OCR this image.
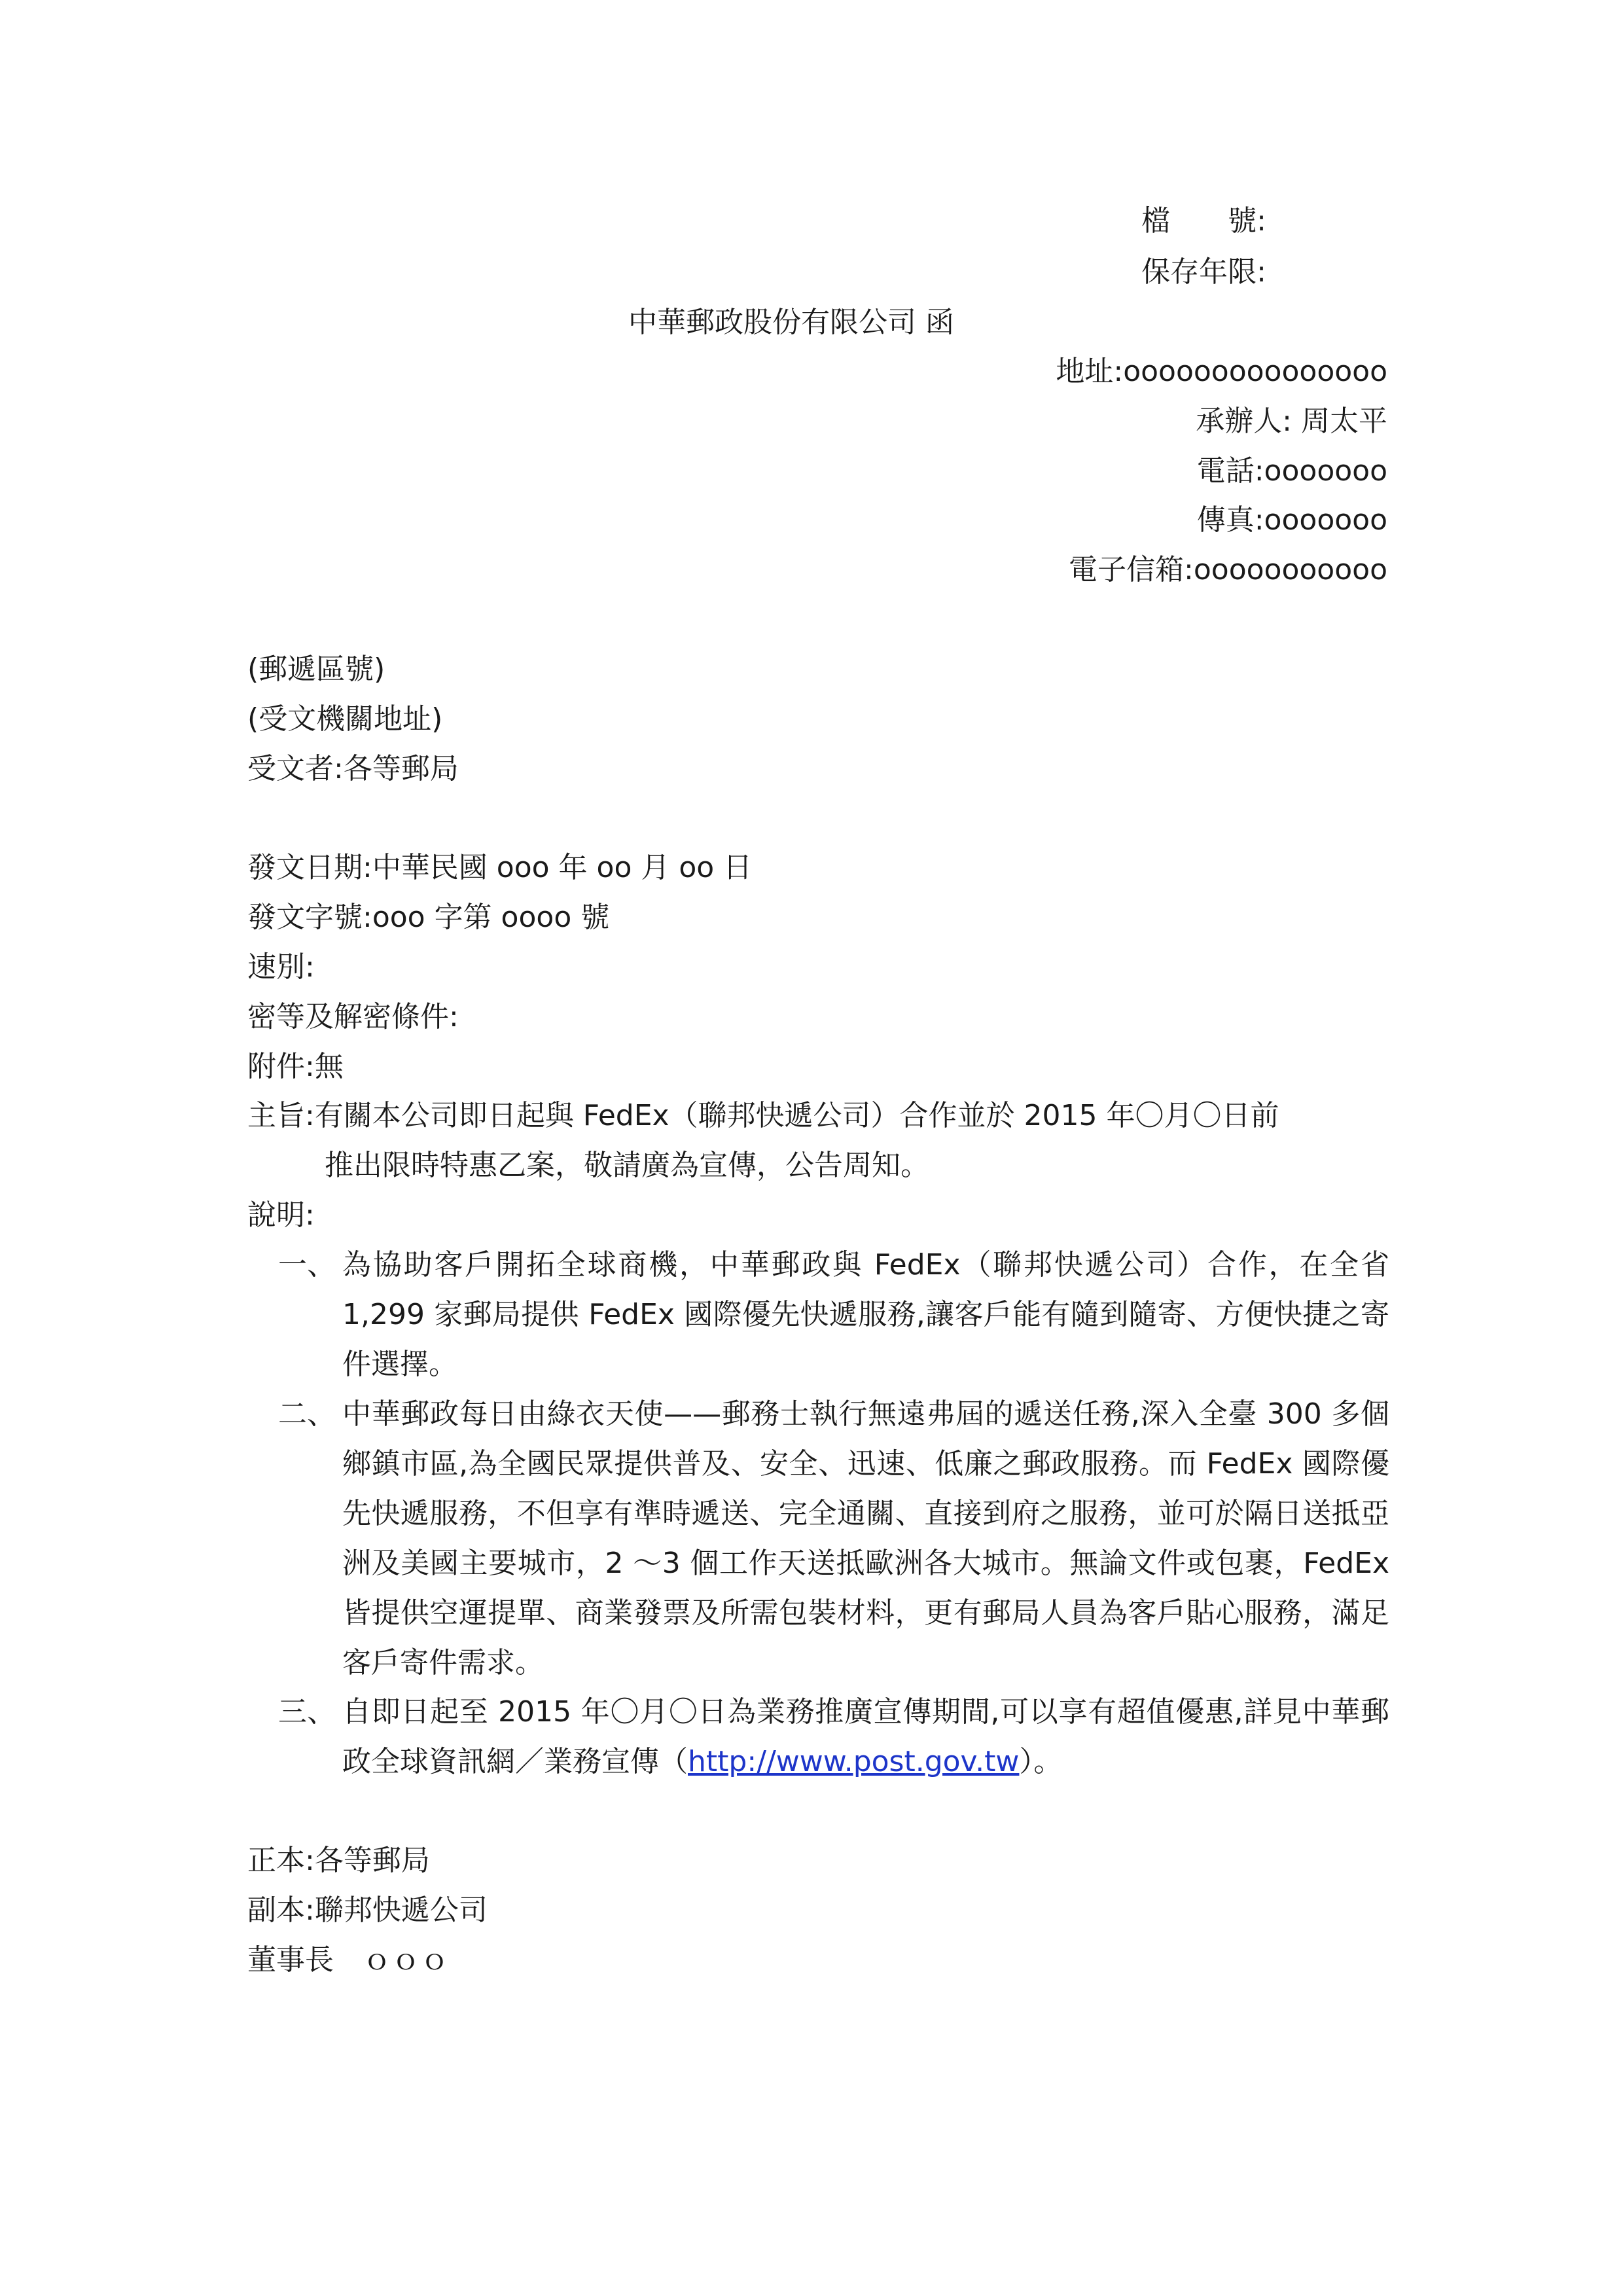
檔　　號:
保存年限:
中華郵政股份有限公司 函
地址:ooooooooooooooo
承辦人: 周太平
電話:ooooooo
傳真:ooooooo
電子信箱:ooooooooooo
(郵遞區號)
(受文機關地址)
受文者:各等郵局
發文日期:中華民國 ooo 年 oo 月 oo 日
發文字號:ooo 字第 oooo 號
速別:
密等及解密條件:
附件:無
主旨:有關本公司即日起與 FedEx（聯邦快遞公司）合作並於 2015 年〇月〇日前
推出限時特惠乙案，敬請廣為宣傳，公告周知。
說明:
一、 為協助客戶開拓全球商機，中華郵政與 FedEx（聯邦快遞公司）合作，在全省 1,299 家郵局提供 FedEx 國際優先快遞服務,讓客戶能有隨到隨寄、方便快捷之寄件選擇。
二、 中華郵政每日由綠衣天使——郵務士執行無遠弗屆的遞送任務,深入全臺 300 多個鄉鎮市區,為全國民眾提供普及、安全、迅速、低廉之郵政服務。而 FedEx 國際優先快遞服務，不但享有準時遞送、完全通關、直接到府之服務，並可於隔日送抵亞洲及美國主要城市，2 ～3 個工作天送抵歐洲各大城市。無論文件或包裹，FedEx 皆提供空運提單、商業發票及所需包裝材料，更有郵局人員為客戶貼心服務，滿足客戶寄件需求。
三、 自即日起至 2015 年〇月〇日為業務推廣宣傳期間,可以享有超值優惠,詳見中華郵政全球資訊網／業務宣傳（http://www.post.gov.tw）。
正本:各等郵局
副本:聯邦快遞公司
董事長　ｏｏｏ
